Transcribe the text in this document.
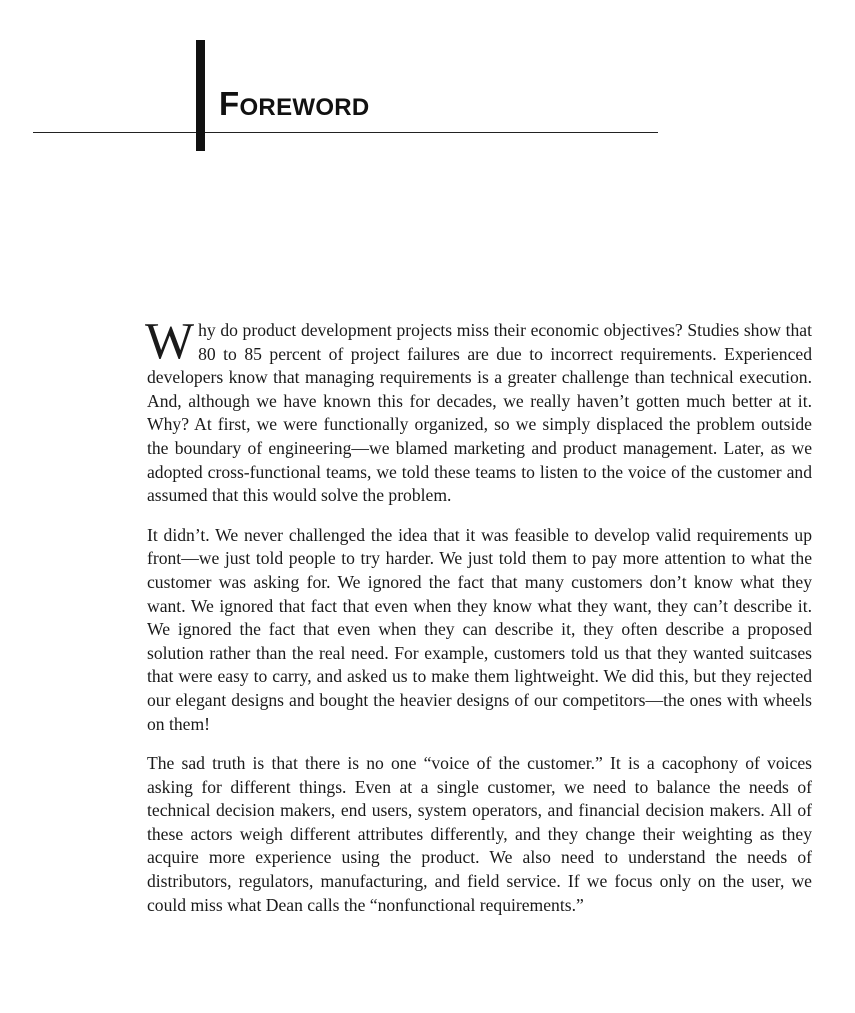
FOREWORD

Why do product development projects miss their economic objectives? Studies show that 80 to 85 percent of project failures are due to incorrect requirements. Experienced developers know that managing requirements is a greater challenge than technical execution. And, although we have known this for decades, we really haven’t gotten much better at it. Why? At first, we were functionally organized, so we simply displaced the problem outside the boundary of engineering—we blamed marketing and product management. Later, as we adopted cross-functional teams, we told these teams to listen to the voice of the customer and assumed that this would solve the problem.

It didn’t. We never challenged the idea that it was feasible to develop valid requirements up front—we just told people to try harder. We just told them to pay more attention to what the customer was asking for. We ignored the fact that many customers don’t know what they want. We ignored that fact that even when they know what they want, they can’t describe it. We ignored the fact that even when they can describe it, they often describe a proposed solution rather than the real need. For example, customers told us that they wanted suitcases that were easy to carry, and asked us to make them lightweight. We did this, but they rejected our elegant designs and bought the heavier designs of our competitors—the ones with wheels on them!

The sad truth is that there is no one “voice of the customer.” It is a cacophony of voices asking for different things. Even at a single customer, we need to balance the needs of technical decision makers, end users, system operators, and financial decision makers. All of these actors weigh different attributes differently, and they change their weighting as they acquire more experience using the product. We also need to understand the needs of distributors, regulators, manufacturing, and field service. If we focus only on the user, we could miss what Dean calls the “nonfunctional requirements.”
